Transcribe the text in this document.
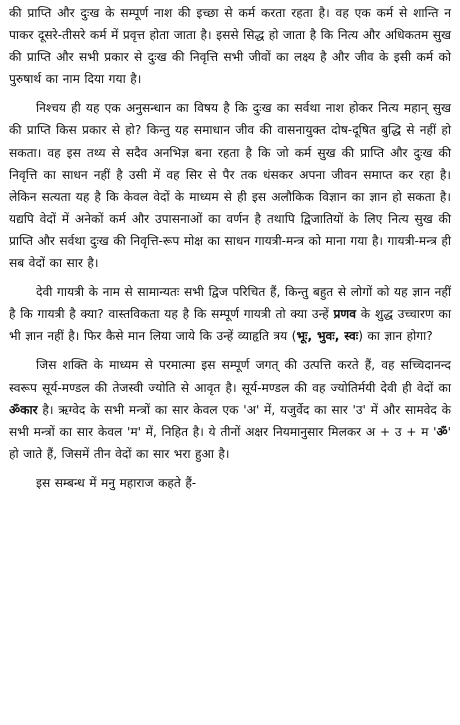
की प्राप्ति और दुःख के सम्पूर्ण नाश की इच्छा से कर्म करता रहता है। वह एक कर्म से शान्ति न पाकर दूसरे-तीसरे कर्म में प्रवृत्त होता जाता है। इससे सिद्ध हो जाता है कि नित्य और अधिकतम सुख की प्राप्ति और सभी प्रकार से दुःख की निवृत्ति सभी जीवों का लक्ष्य है और जीव के इसी कर्म को पुरुषार्थ का नाम दिया गया है।

निश्चय ही यह एक अनुसन्धान का विषय है कि दुःख का सर्वथा नाश होकर नित्य महान् सुख की प्राप्ति किस प्रकार से हो? किन्तु यह समाधान जीव की वासनायुक्त दोष-दूषित बुद्धि से नहीं हो सकता। वह इस तथ्य से सदैव अनभिज्ञ बना रहता है कि जो कर्म सुख की प्राप्ति और दुःख की निवृत्ति का साधन नहीं है उसी में वह सिर से पैर तक धंसकर अपना जीवन समाप्त कर रहा है। लेकिन सत्यता यह है कि केवल वेदों के माध्यम से ही इस अलौकिक विज्ञान का ज्ञान हो सकता है। यद्यपि वेदों में अनेकों कर्म और उपासनाओं का वर्णन है तथापि द्विजातियों के लिए नित्य सुख की प्राप्ति और सर्वथा दुःख की निवृत्ति-रूप मोक्ष का साधन गायत्री-मन्त्र को माना गया है। गायत्री-मन्त्र ही सब वेदों का सार है।

देवी गायत्री के नाम से सामान्यतः सभी द्विज परिचित हैं, किन्तु बहुत से लोगों को यह ज्ञान नहीं है कि गायत्री है क्या? वास्तविकता यह है कि सम्पूर्ण गायत्री तो क्या उन्हें प्रणव के शुद्ध उच्चारण का भी ज्ञान नहीं है। फिर कैसे मान लिया जाये कि उन्हें व्याहृति त्रय (भूः, भुवः, स्वः) का ज्ञान होगा?

जिस शक्ति के माध्यम से परमात्मा इस सम्पूर्ण जगत् की उत्पत्ति करते हैं, वह सच्चिदानन्द स्वरूप सूर्य-मण्डल की तेजस्वी ज्योति से आवृत है। सूर्य-मण्डल की वह ज्योतिर्मयी देवी ही वेदों का ॐकार है। ऋग्वेद के सभी मन्त्रों का सार केवल एक 'अ' में, यजुर्वेद का सार 'उ' में और सामवेद के सभी मन्त्रों का सार केवल 'म' में, निहित है। ये तीनों अक्षर नियमानुसार मिलकर अ + उ + म 'ॐ' हो जाते हैं, जिसमें तीन वेदों का सार भरा हुआ है।

इस सम्बन्ध में मनु महाराज कहते हैं-
